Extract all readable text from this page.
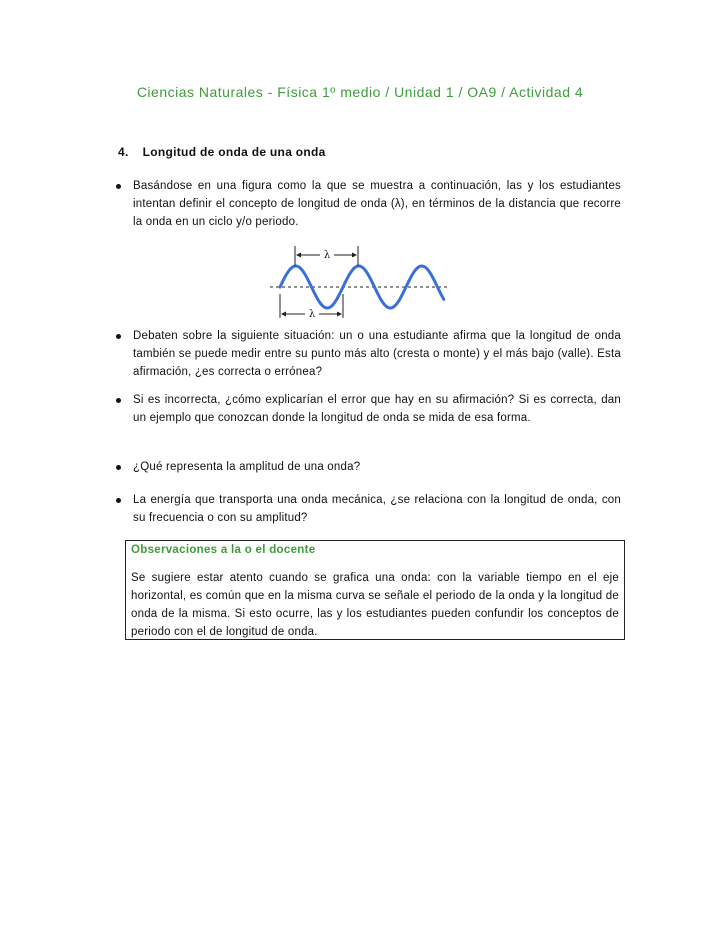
Ciencias Naturales - Física 1º medio / Unidad 1 / OA9 / Actividad 4
4. Longitud de onda de una onda
Basándose en una figura como la que se muestra a continuación, las y los estudiantes intentan definir el concepto de longitud de onda (λ), en términos de la distancia que recorre la onda en un ciclo y/o periodo.
λ
λ
Debaten sobre la siguiente situación: un o una estudiante afirma que la longitud de onda también se puede medir entre su punto más alto (cresta o monte) y el más bajo (valle). Esta afirmación, ¿es correcta o errónea?
Si es incorrecta, ¿cómo explicarían el error que hay en su afirmación? Si es correcta, dan un ejemplo que conozcan donde la longitud de onda se mida de esa forma.
¿Qué representa la amplitud de una onda?
La energía que transporta una onda mecánica, ¿se relaciona con la longitud de onda, con su frecuencia o con su amplitud?
Observaciones a la o el docente
Se sugiere estar atento cuando se grafica una onda: con la variable tiempo en el eje horizontal, es común que en la misma curva se señale el periodo de la onda y la longitud de onda de la misma. Si esto ocurre, las y los estudiantes pueden confundir los conceptos de periodo con el de longitud de onda.
